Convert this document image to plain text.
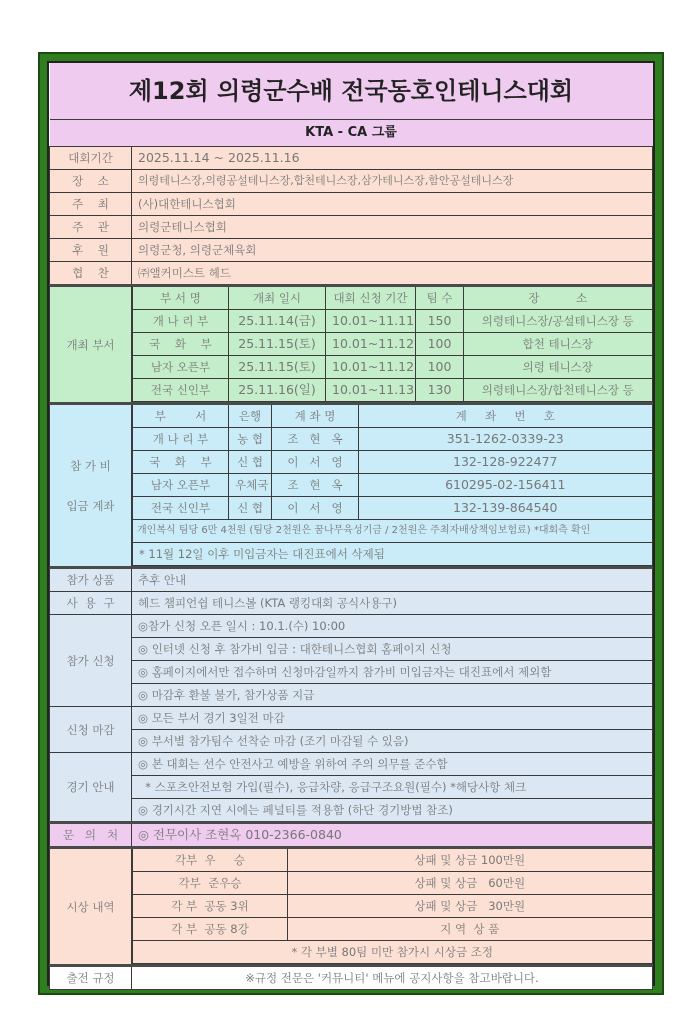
제12회 의령군수배 전국동호인테니스대회
KTA - CA 그룹
대회기간	2025.11.14 ~ 2025.11.16
장    소	의령테니스장,의령공설테니스장,합천테니스장,삼가테니스장,함안공설테니스장
주    최	(사)대한테니스협회
주    관	의령군테니스협회
후    원	의령군청, 의령군체육회
협    찬	㈜앨커미스트 헤드
개최 부서	
부 서 명	개최 일시	대회 신청 기간	팀 수	장          소
개 나 리 부	25.11.14(금)	10.01~11.11	150	의령테니스장/공설테니스장 등
국    화    부	25.11.15(토)	10.01~11.12	100	합천 테니스장
남자 오픈부	25.11.15(토)	10.01~11.12	100	의령 테니스장
전국 신인부	25.11.16(일)	10.01~11.13	130	의령테니스장/합천테니스장 등

참 가 비
입금 계좌

부        서	은행	계 좌 명	계     좌     번     호
개 나 리 부	농 협	조   현   옥	351-1262-0339-23
국    화    부	신 협	이   서   영	132-128-922477
남자 오픈부	우체국	조   현   옥	610295-02-156411
전국 신인부	신 협	이   서   영	132-139-864540
개인복식 팀당 6만 4천원 (팀당 2천원은 꿈나무육성기금 / 2천원은 주최자배상책임보험료) *대회측 확인
* 11월 12일 이후 미입금자는 대진표에서 삭제됨

참가 상품	추후 안내
사  용  구	헤드 챔피언쉽 테니스볼 (KTA 랭킹대회 공식사용구)
참가 신청	◎참가 신청 오픈 일시 : 10.1.(수) 10:00
◎ 인터넷 신청 후 참가비 입금 : 대한테니스협회 홈페이지 신청
◎ 홈페이지에서만 접수하며 신청마감일까지 참가비 미입금자는 대진표에서 제외함
◎ 마감후 환불 불가, 참가상품 지급
신청 마감	◎ 모든 부서 경기 3일전 마감
◎ 부서별 참가팀수 선착순 마감 (조기 마감될 수 있음)
경기 안내	◎ 본 대회는 선수 안전사고 예방을 위하여 주의 의무를 준수함
* 스포츠안전보험 가입(필수), 응급차량, 응급구조요원(필수) *해당사항 체크
◎ 경기시간 지연 시에는 페널티를 적용함 (하단 경기방법 참조)
문   의   처	◎ 전무이사 조현옥 010-2366-0840
시상 내역	
각부  우     승	상패 및 상금 100만원
각부  준우승	상패 및 상금   60만원
각 부  공동 3위	상패 및 상금   30만원
각 부  공동 8강	지 역  상 품
* 각 부별 80팀 미만 참가시 시상금 조정

출전 규정	※규정 전문은 '커뮤니티' 메뉴에 공지사항을 참고바랍니다.
